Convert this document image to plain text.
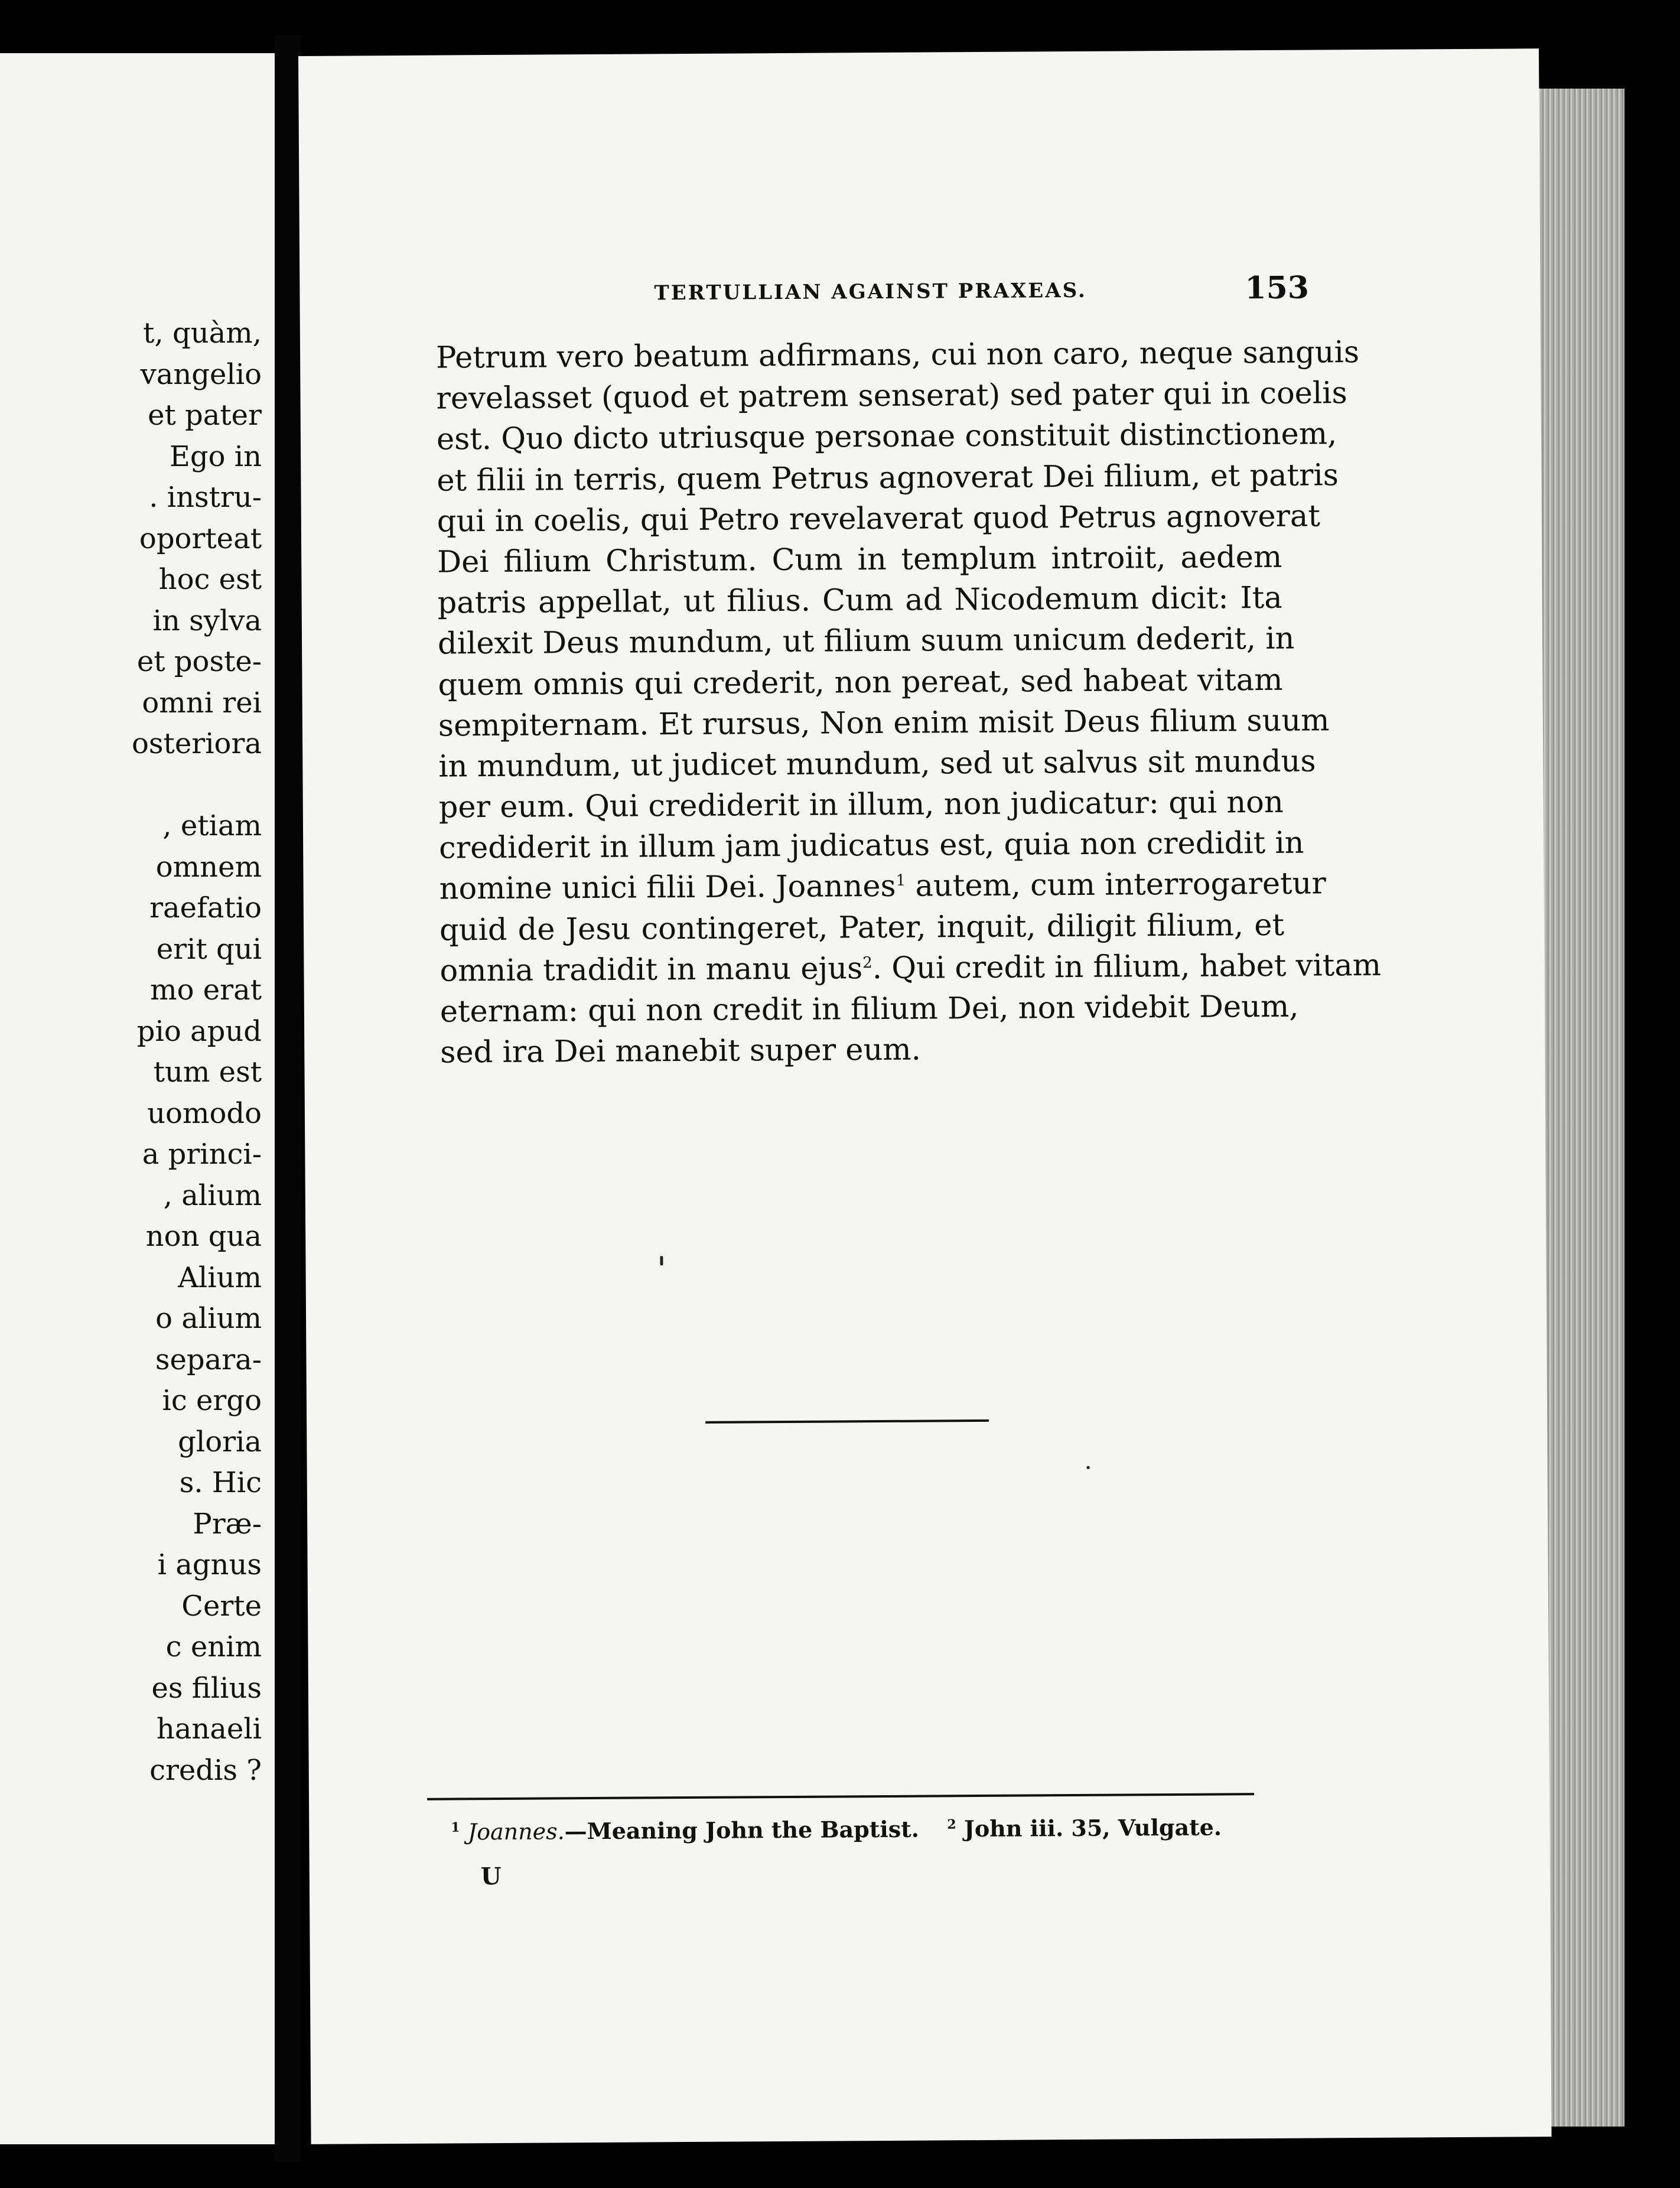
t, quàm,
vangelio
et pater
Ego in
. instru-
oporteat
hoc est
in sylva
et poste-
omni rei
osteriora
, etiam
omnem
raefatio
erit qui
mo erat
pio apud
tum est
uomodo
a princi-
, alium
non qua
Alium
o alium
separa-
ic ergo
gloria
s. Hic
Præ-
i agnus
Certe
c enim
es filius
hanaeli
credis ?
TERTULLIAN AGAINST PRAXEAS.	153
Petrum vero beatum adfirmans, cui non caro, neque sanguis
revelasset (quod et patrem senserat) sed pater qui in coelis
est. Quo dicto utriusque personae constituit distinctionem,
et filii in terris, quem Petrus agnoverat Dei filium, et patris
qui in coelis, qui Petro revelaverat quod Petrus agnoverat
Dei filium Christum. Cum in templum introiit, aedem
patris appellat, ut filius. Cum ad Nicodemum dicit: Ita
dilexit Deus mundum, ut filium suum unicum dederit, in
quem omnis qui crederit, non pereat, sed habeat vitam
sempiternam. Et rursus, Non enim misit Deus filium suum
in mundum, ut judicet mundum, sed ut salvus sit mundus
per eum. Qui crediderit in illum, non judicatur: qui non
crediderit in illum jam judicatus est, quia non credidit in
nomine unici filii Dei. Joannes$^1$ autem, cum interrogaretur
quid de Jesu contingeret, Pater, inquit, diligit filium, et
omnia tradidit in manu ejus$^2$. Qui credit in filium, habet vitam
eternam: qui non credit in filium Dei, non videbit Deum,
sed ira Dei manebit super eum.
$^1$ Joannes.—Meaning John the Baptist. $^2$ John iii. 35, Vulgate.
U
